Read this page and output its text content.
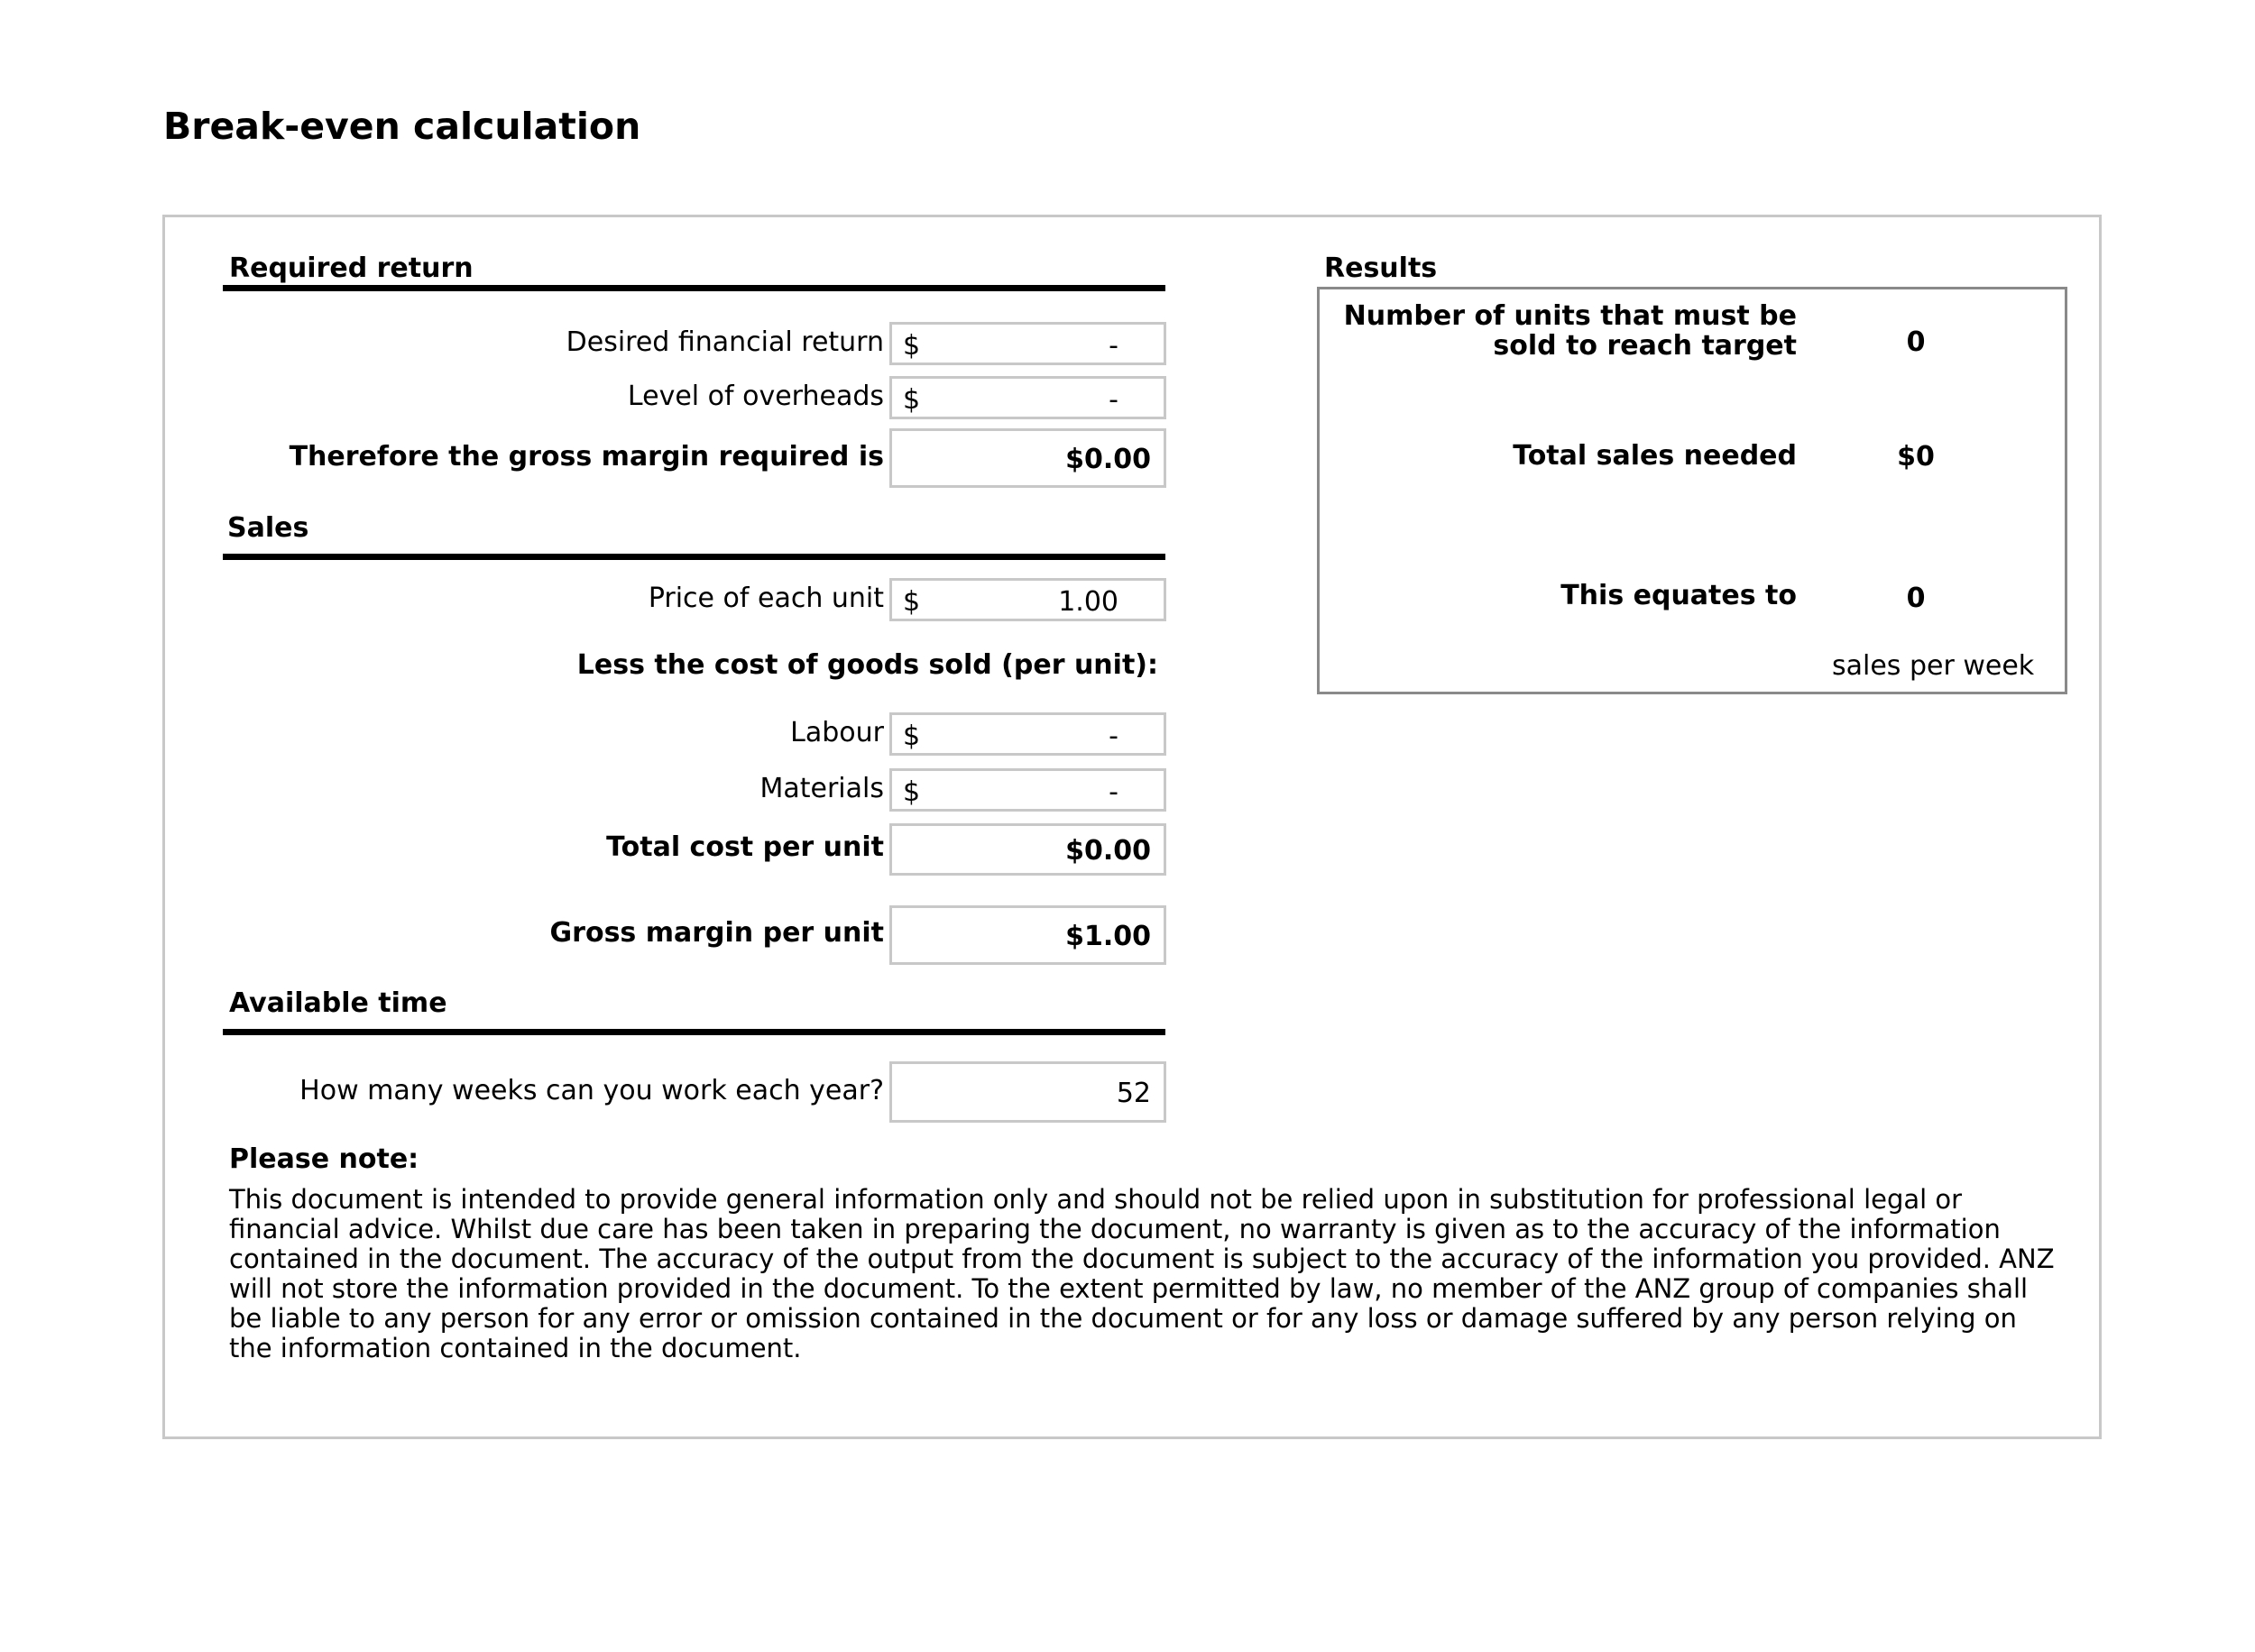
Break-even calculation
Required return
Desired financial return $	-
Level of overheads $	-
Therefore the gross margin required is	$0.00
Sales
Price of each unit $	1.00
Less the cost of goods sold (per unit):
Labour $	-
Materials $	-
Total cost per unit	$0.00
Gross margin per unit	$1.00
Available time
How many weeks can you work each year?	52
Results
Number of units that must be
sold to reach target	0
Total sales needed	$0
This equates to	0
sales per week
Please note:
This document is intended to provide general information only and should not be relied upon in substitution for professional legal or
financial advice. Whilst due care has been taken in preparing the document, no warranty is given as to the accuracy of the information
contained in the document. The accuracy of the output from the document is subject to the accuracy of the information you provided. ANZ
will not store the information provided in the document. To the extent permitted by law, no member of the ANZ group of companies shall
be liable to any person for any error or omission contained in the document or for any loss or damage suffered by any person relying on
the information contained in the document.
